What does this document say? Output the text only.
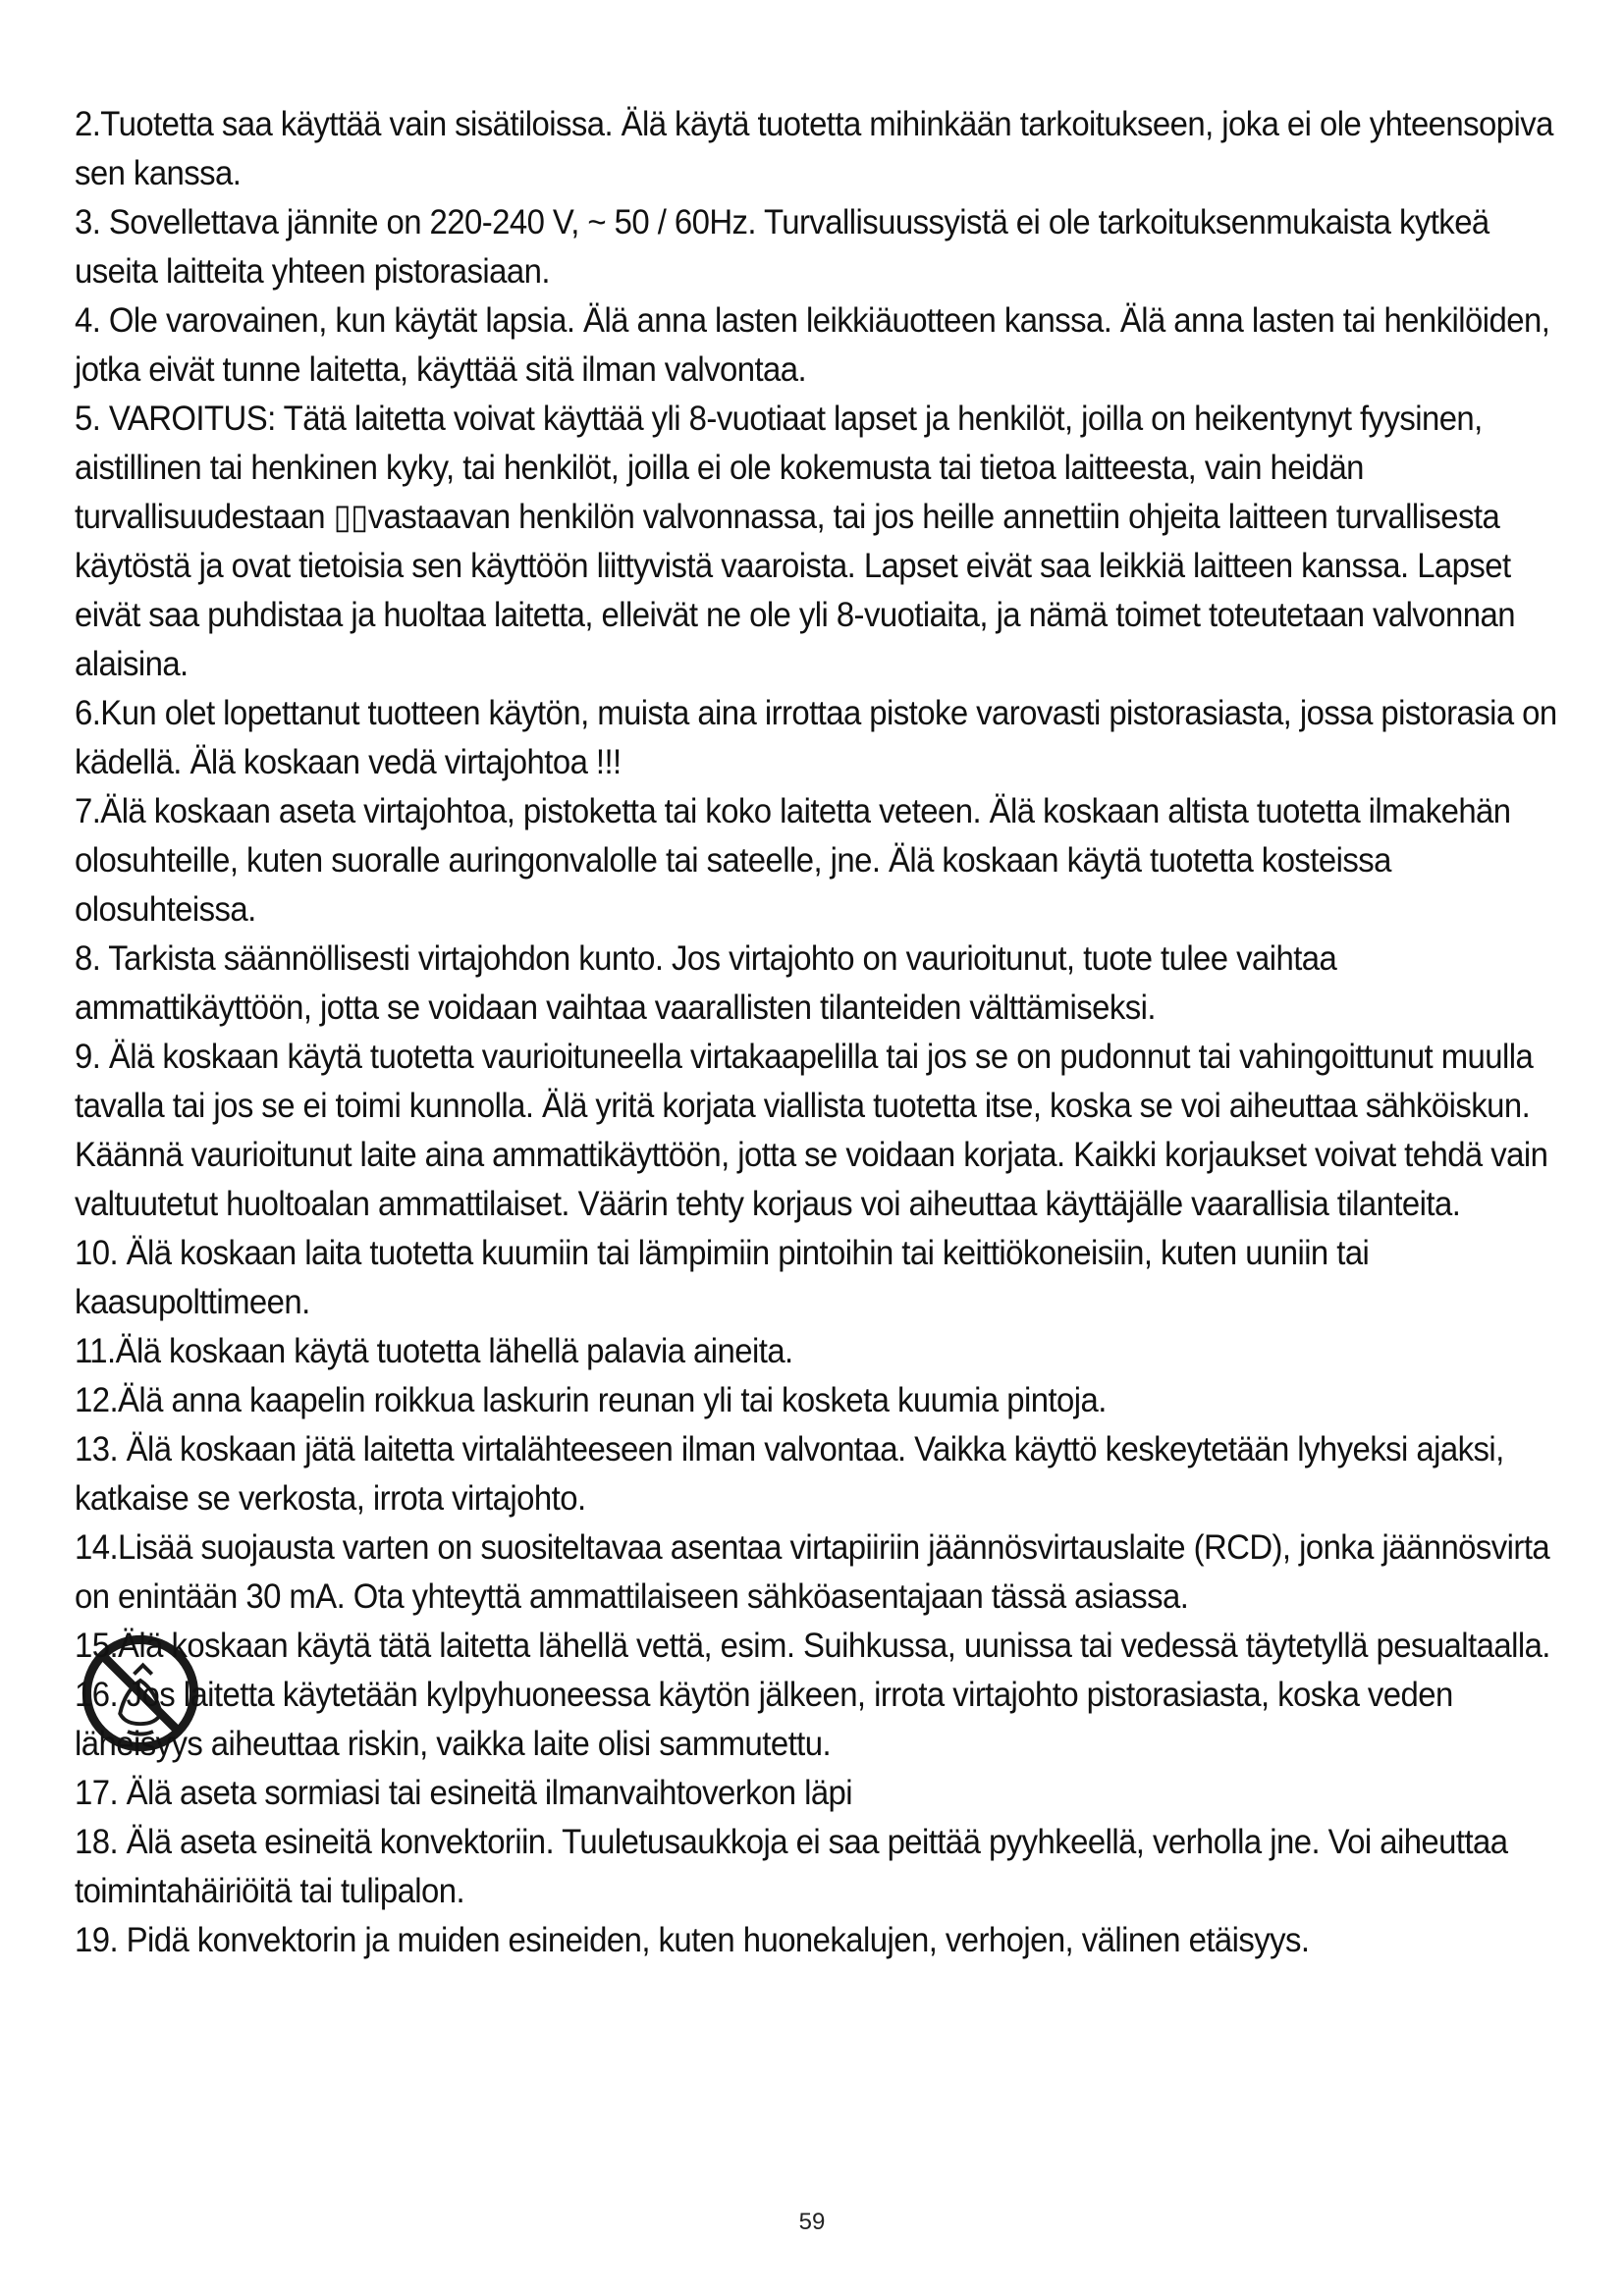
2.Tuotetta saa käyttää vain sisätiloissa. Älä käytä tuotetta mihinkään tarkoitukseen, joka ei ole yhteensopiva sen kanssa.

3. Sovellettava jännite on 220-240 V, ~ 50 / 60Hz. Turvallisuussyistä ei ole tarkoituksenmukaista kytkeä useita laitteita yhteen pistorasiaan.

4. Ole varovainen, kun käytät lapsia. Älä anna lasten leikkiäuotteen kanssa. Älä anna lasten tai henkilöiden, jotka eivät tunne laitetta, käyttää sitä ilman valvontaa.

5. VAROITUS: Tätä laitetta voivat käyttää yli 8-vuotiaat lapset ja henkilöt, joilla on heikentynyt fyysinen, aistillinen tai henkinen kyky, tai henkilöt, joilla ei ole kokemusta tai tietoa laitteesta, vain heidän turvallisuudestaan ▯▯vastaavan henkilön valvonnassa, tai jos heille annettiin ohjeita laitteen turvallisesta käytöstä ja ovat tietoisia sen käyttöön liittyvistä vaaroista. Lapset eivät saa leikkiä laitteen kanssa. Lapset eivät saa puhdistaa ja huoltaa laitetta, elleivät ne ole yli 8-vuotiaita, ja nämä toimet toteutetaan valvonnan alaisina.

6.Kun olet lopettanut tuotteen käytön, muista aina irrottaa pistoke varovasti pistorasiasta, jossa pistorasia on kädellä. Älä koskaan vedä virtajohtoa !!!

7.Älä koskaan aseta virtajohtoa, pistoketta tai koko laitetta veteen. Älä koskaan altista tuotetta ilmakehän olosuhteille, kuten suoralle auringonvalolle tai sateelle, jne. Älä koskaan käytä tuotetta kosteissa olosuhteissa.

8. Tarkista säännöllisesti virtajohdon kunto. Jos virtajohto on vaurioitunut, tuote tulee vaihtaa ammattikäyttöön, jotta se voidaan vaihtaa vaarallisten tilanteiden välttämiseksi.

9. Älä koskaan käytä tuotetta vaurioituneella virtakaapelilla tai jos se on pudonnut tai vahingoittunut muulla tavalla tai jos se ei toimi kunnolla. Älä yritä korjata viallista tuotetta itse, koska se voi aiheuttaa sähköiskun. Käännä vaurioitunut laite aina ammattikäyttöön, jotta se voidaan korjata. Kaikki korjaukset voivat tehdä vain valtuutetut huoltoalan ammattilaiset. Väärin tehty korjaus voi aiheuttaa käyttäjälle vaarallisia tilanteita.

10. Älä koskaan laita tuotetta kuumiin tai lämpimiin pintoihin tai keittiökoneisiin, kuten uuniin tai kaasupolttimeen.

11.Älä koskaan käytä tuotetta lähellä palavia aineita.

12.Älä anna kaapelin roikkua laskurin reunan yli tai kosketa kuumia pintoja.

13. Älä koskaan jätä laitetta virtalähteeseen ilman valvontaa. Vaikka käyttö keskeytetään lyhyeksi ajaksi, katkaise se verkosta, irrota virtajohto.

14.Lisää suojausta varten on suositeltavaa asentaa virtapiiriin jäännösvirtauslaite (RCD), jonka jäännösvirta on enintään 30 mA. Ota yhteyttä ammattilaiseen sähköasentajaan tässä asiassa.

15.Älä koskaan käytä tätä laitetta lähellä vettä, esim. Suihkussa, uunissa tai vedessä täytetyllä pesualtaalla.

16. Jos laitetta käytetään kylpyhuoneessa käytön jälkeen, irrota virtajohto pistorasiasta, koska veden läheisyys aiheuttaa riskin, vaikka laite olisi sammutettu.

17. Älä aseta sormiasi tai esineitä ilmanvaihtoverkon läpi

18. Älä aseta esineitä konvektoriin. Tuuletusaukkoja ei saa peittää pyyhkeellä, verholla jne. Voi aiheuttaa toimintahäiriöitä tai tulipalon.

19. Pidä konvektorin ja muiden esineiden, kuten huonekalujen, verhojen, välinen etäisyys.

59
